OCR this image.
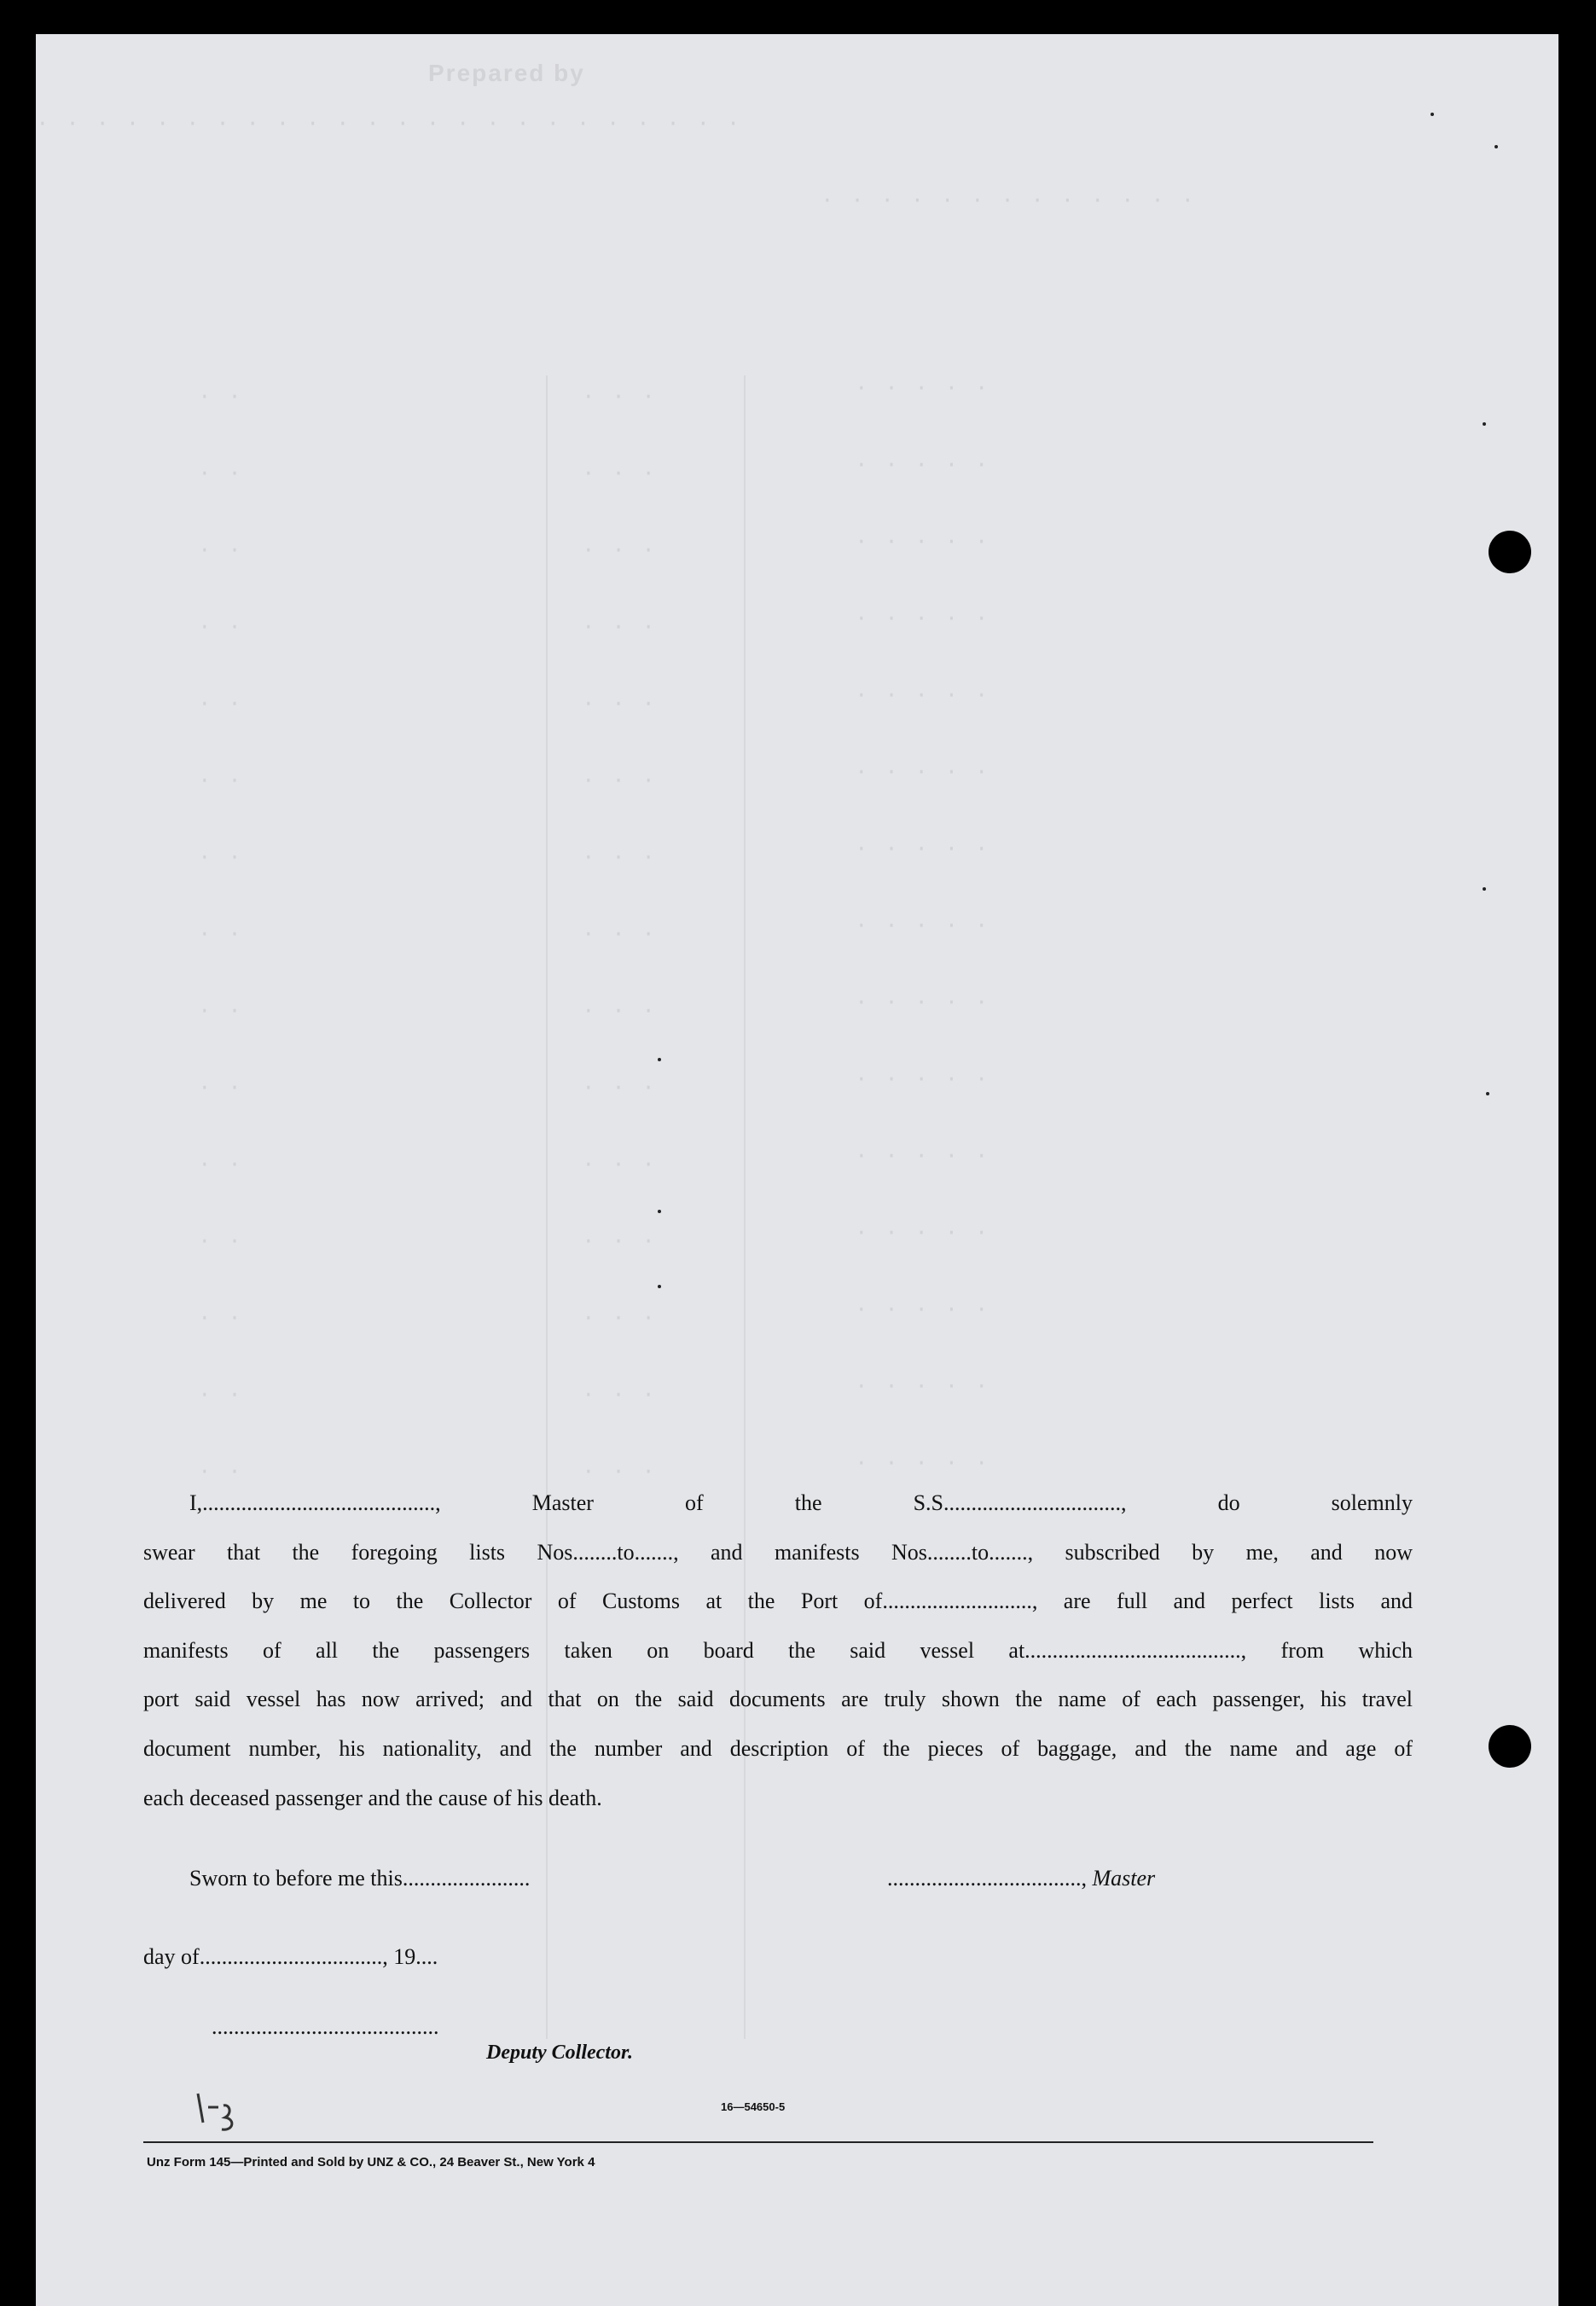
Prepared by
· · · · · · · · · · · · · · · · · · · · · · · ·
· · · · · · · · · · · · ·
· · · · ·
· · · · ·
· · · · ·
· · · · ·
· · · · ·
· · · · ·
· · · · ·
· · · · ·
· · · · ·
· · · · ·
· · · · ·
· · · · ·
· · · · ·
· · · · ·
· · · · ·
· · ·
· · ·
· · ·
· · ·
· · ·
· · ·
· · ·
· · ·
· · ·
· · ·
· · ·
· · ·
· · ·
· · ·
· · ·
· ·
· ·
· ·
· ·
· ·
· ·
· ·
· ·
· ·
· ·
· ·
· ·
· ·
· ·
· ·
I,.........................................., Master of the S.S................................, do solemnly
swear that the foregoing lists Nos........to......., and manifests Nos........to......., subscribed by me, and now
delivered by me to the Collector of Customs at the Port of..........................., are full and perfect lists and
manifests of all the passengers taken on board the said vessel at......................................., from which
port said vessel has now arrived; and that on the said documents are truly shown the name of each passenger, his travel
document number, his nationality, and the number and description of the pieces of baggage, and the name and age of
each deceased passenger and the cause of his death.
Sworn to before me this.......................	..................................., Master
day of................................., 19....
.........................................
Deputy Collector.
16—54650-5
Unz Form 145—Printed and Sold by UNZ & CO., 24 Beaver St., New York 4
